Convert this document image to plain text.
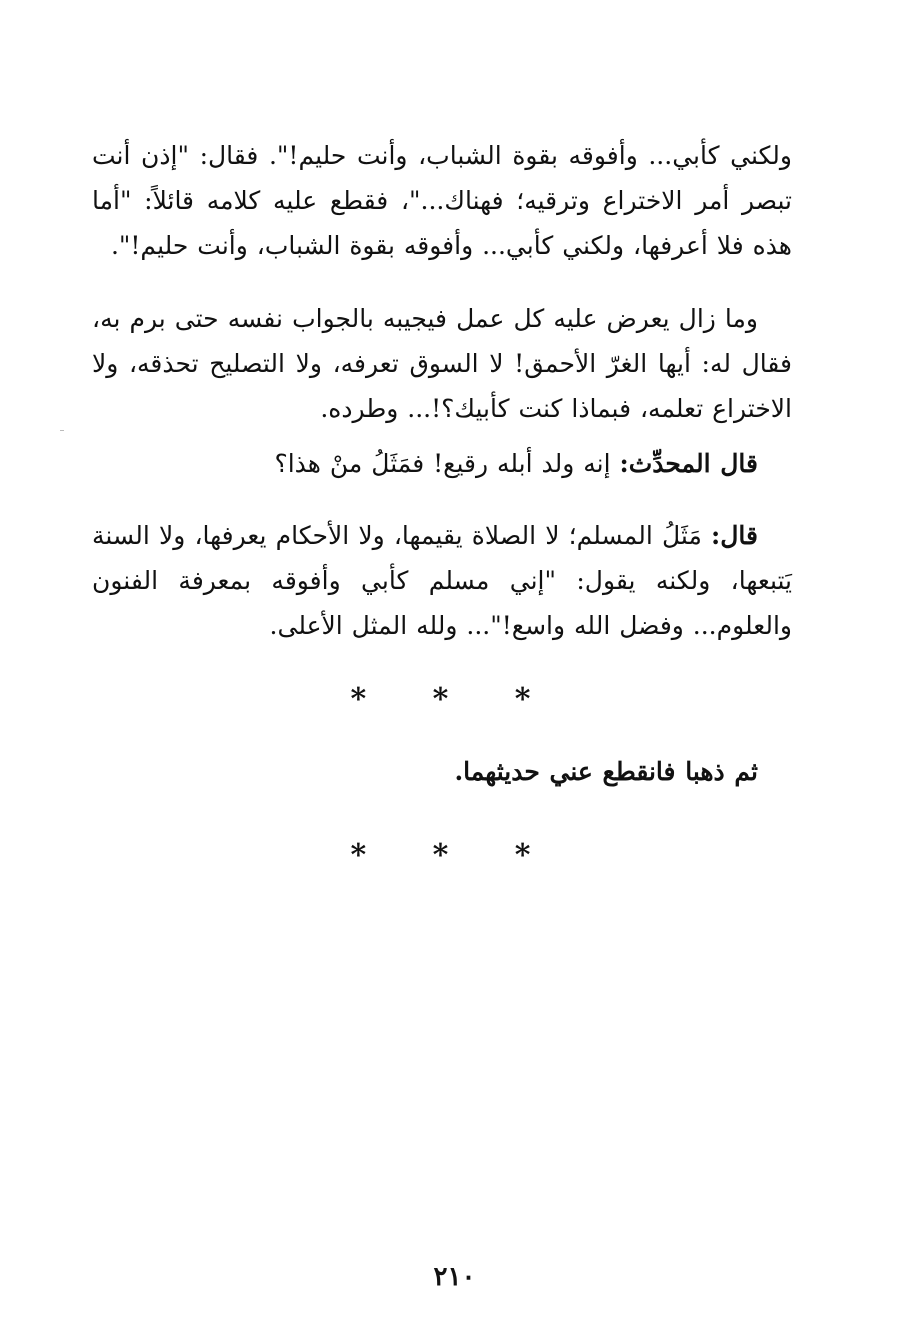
ولكني كأبي... وأفوقه بقوة الشباب، وأنت حليم!". فقال: "إذن أنت تبصر أمر الاختراع وترقيه؛ فهناك..."، فقطع عليه كلامه قائلاً: "أما هذه فلا أعرفها، ولكني كأبي... وأفوقه بقوة الشباب، وأنت حليم!".

وما زال يعرض عليه كل عمل فيجيبه بالجواب نفسه حتى برم به، فقال له: أيها الغرّ الأحمق! لا السوق تعرفه، ولا التصليح تحذقه، ولا الاختراع تعلمه، فبماذا كنت كأبيك؟!... وطرده.

قال المحدِّث: إنه ولد أبله رقيع! فمَثَلُ منْ هذا؟

قال: مَثَلُ المسلم؛ لا الصلاة يقيمها، ولا الأحكام يعرفها، ولا السنة يَتبعها، ولكنه يقول: "إني مسلم كأبي وأفوقه بمعرفة الفنون والعلوم... وفضل الله واسع!"... ولله المثل الأعلى.

* * *

ثم ذهبا فانقطع عني حديثهما.

* * *
٢١٠
